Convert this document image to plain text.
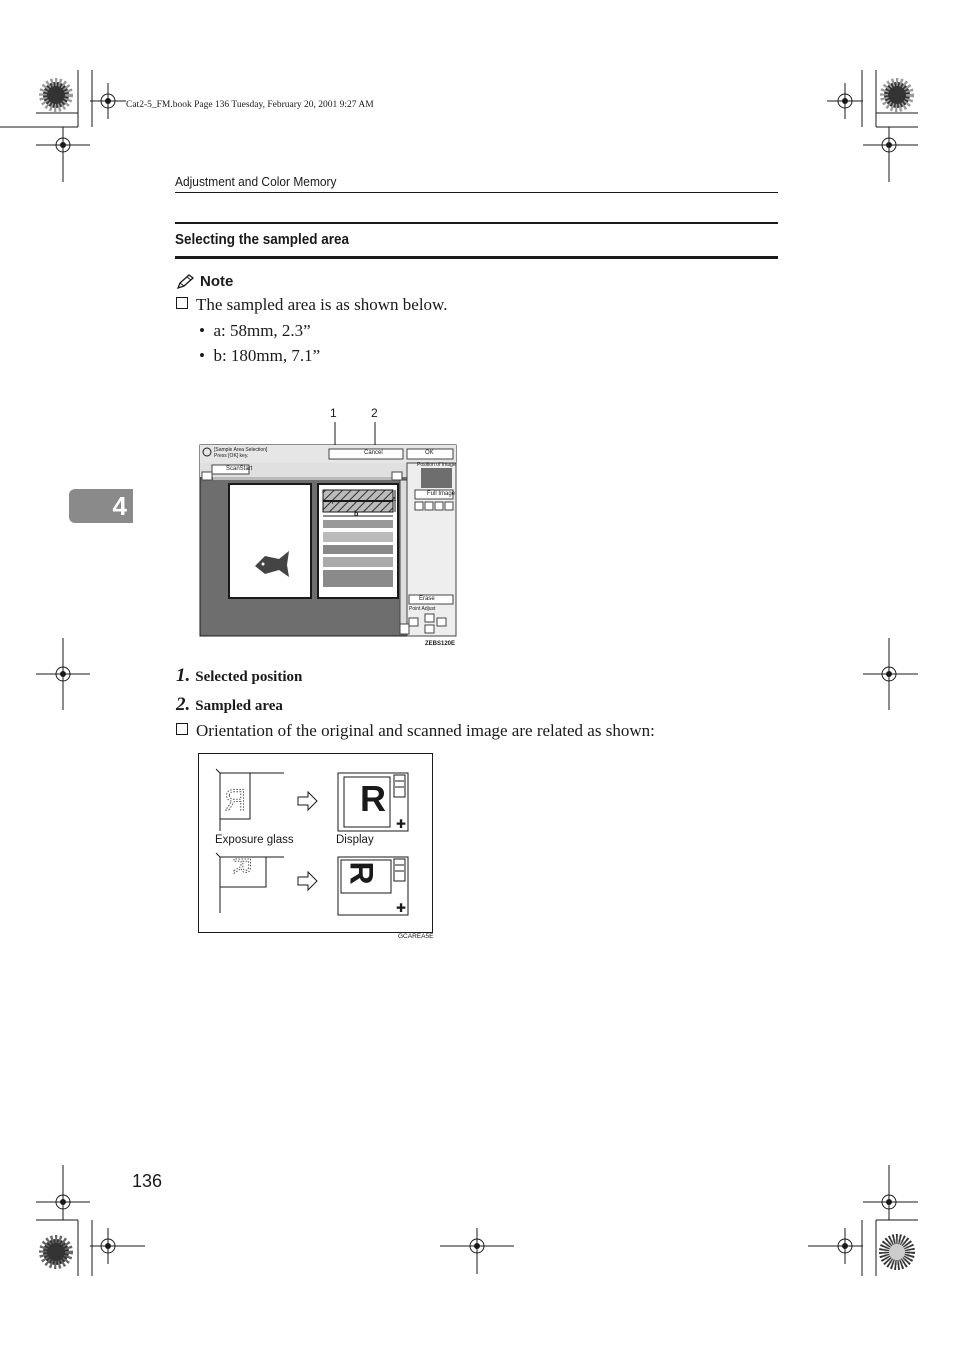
Cat2-5_FM.book Page 136 Tuesday, February 20, 2001 9:27 AM
Adjustment and Color Memory
Selecting the sampled area
4
Note
The sampled area is as shown below.
•  a: 58mm, 2.3”
•  b: 180mm, 7.1”
+
1	2
[Sample Area Selection]
Press [OK] key.	Cancel	OK
ScanStart
Position of Image
Full Image
Erase
Point Adjust
a
b
ZEBS120E
1. Selected position
2. Sampled area
Orientation of the original and scanned image are related as shown:
R
✚
R
✚
R
R
Exposure glass	Display
GCAREA5E
136
